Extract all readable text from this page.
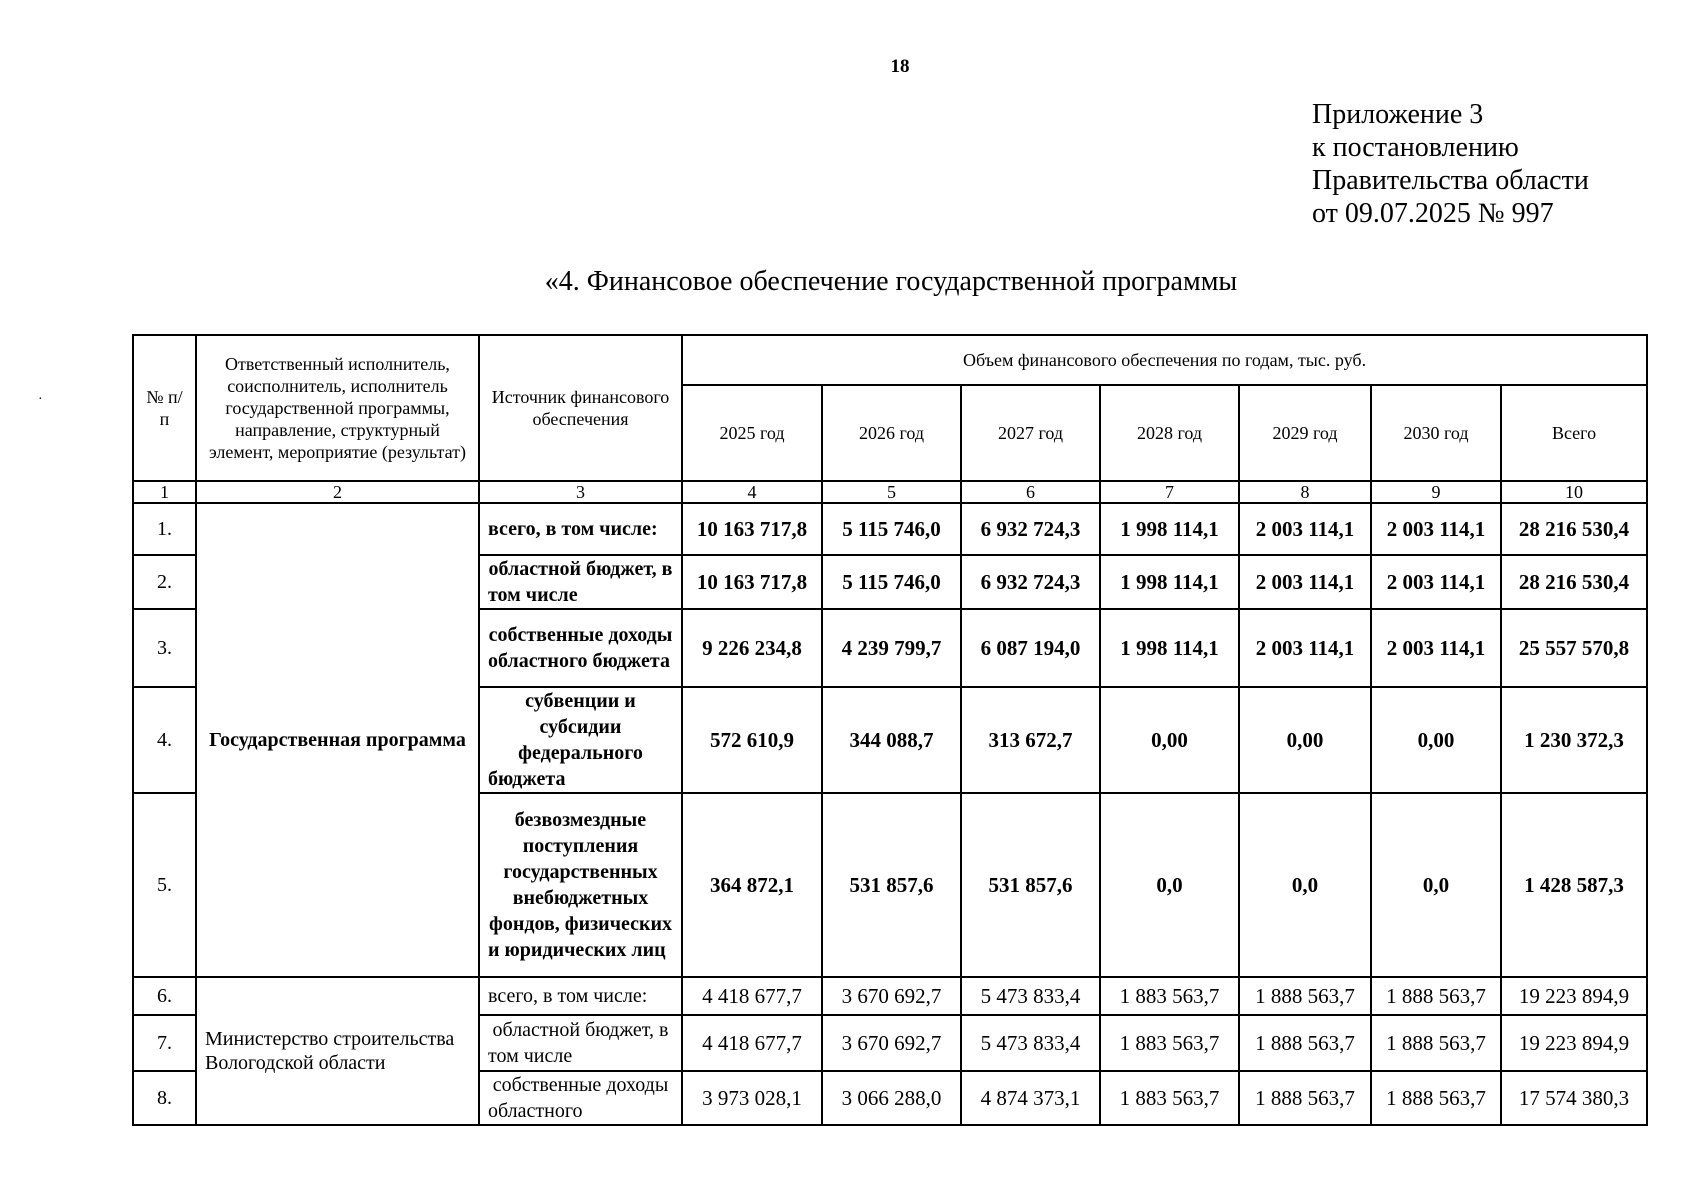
18
Приложение 3
к постановлению
Правительства области
от 09.07.2025 № 997
«4. Финансовое обеспечение государственной программы
·	№ п/п	Ответственный исполнитель, соисполнитель, исполнитель государственной программы, направление, структурный элемент, мероприятие (результат)	Источник финансового обеспечения	Объем финансового обеспечения по годам, тыс. руб.						
			2025 год	2026 год	2027 год	2028 год	2029 год	2030 год	Всего
1	2	3	4	5	6	7	8	9	10
1.	Государственная программа	всего, в том числе:	10 163 717,8	5 115 746,0	6 932 724,3	1 998 114,1	2 003 114,1	2 003 114,1	28 216 530,4
2.		областной бюджет, в том числе	10 163 717,8	5 115 746,0	6 932 724,3	1 998 114,1	2 003 114,1	2 003 114,1	28 216 530,4
3.		собственные доходы областного бюджета	9 226 234,8	4 239 799,7	6 087 194,0	1 998 114,1	2 003 114,1	2 003 114,1	25 557 570,8
4.		субвенции и субсидии федерального бюджета	572 610,9	344 088,7	313 672,7	0,00	0,00	0,00	1 230 372,3
5.		безвозмездные поступления государственных внебюджетных фондов, физических и юридических лиц	364 872,1	531 857,6	531 857,6	0,0	0,0	0,0	1 428 587,3
6.	Министерство строительства Вологодской области	всего, в том числе:	4 418 677,7	3 670 692,7	5 473 833,4	1 883 563,7	1 888 563,7	1 888 563,7	19 223 894,9
7.		областной бюджет, в том числе	4 418 677,7	3 670 692,7	5 473 833,4	1 883 563,7	1 888 563,7	1 888 563,7	19 223 894,9
8.		собственные доходы областного	3 973 028,1	3 066 288,0	4 874 373,1	1 883 563,7	1 888 563,7	1 888 563,7	17 574 380,3
